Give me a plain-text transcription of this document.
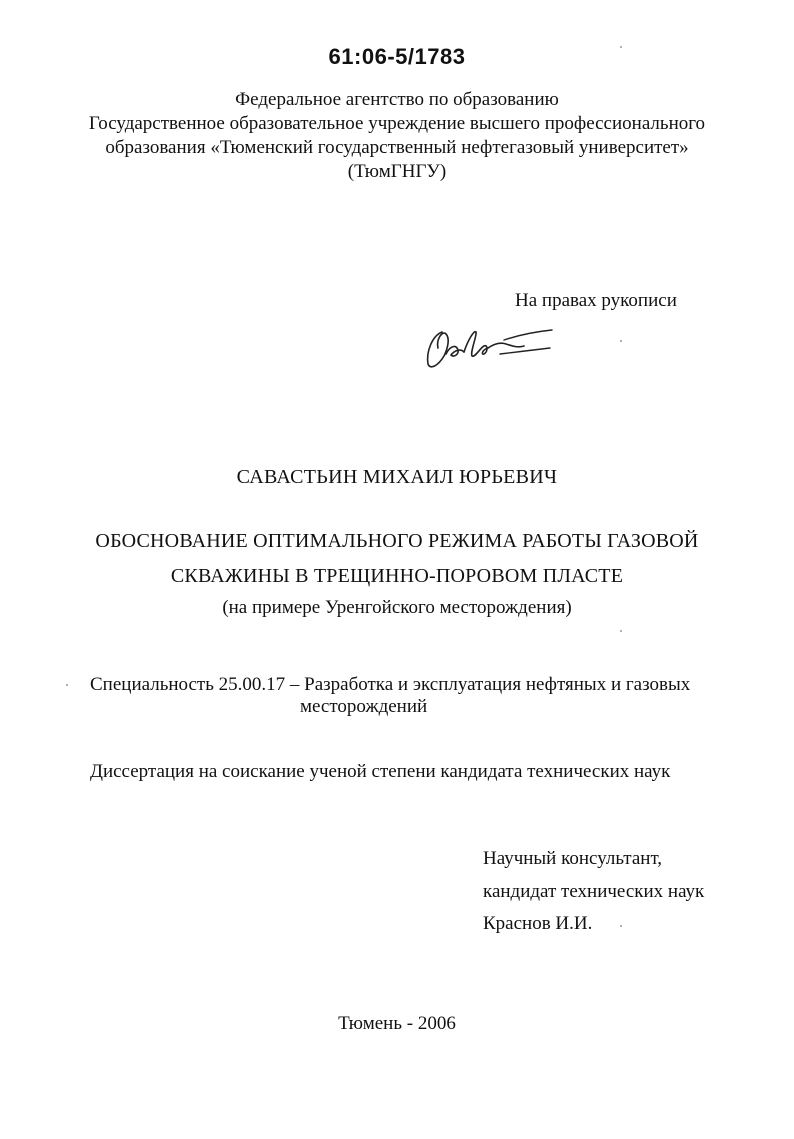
61:06-5/1783
Федеральное агентство по образованию
Государственное образовательное учреждение высшего профессионального
образования «Тюменский государственный нефтегазовый университет»
(ТюмГНГУ)
На правах рукописи
САВАСТЬИН МИХАИЛ ЮРЬЕВИЧ
ОБОСНОВАНИЕ ОПТИМАЛЬНОГО РЕЖИМА РАБОТЫ ГАЗОВОЙ
СКВАЖИНЫ В ТРЕЩИННО-ПОРОВОМ ПЛАСТЕ
(на примере Уренгойского месторождения)
Специальность 25.00.17 – Разработка и эксплуатация нефтяных и газовых
месторождений
Диссертация на соискание ученой степени кандидата технических наук
Научный консультант,
кандидат технических наук
Краснов И.И.
Тюмень - 2006
